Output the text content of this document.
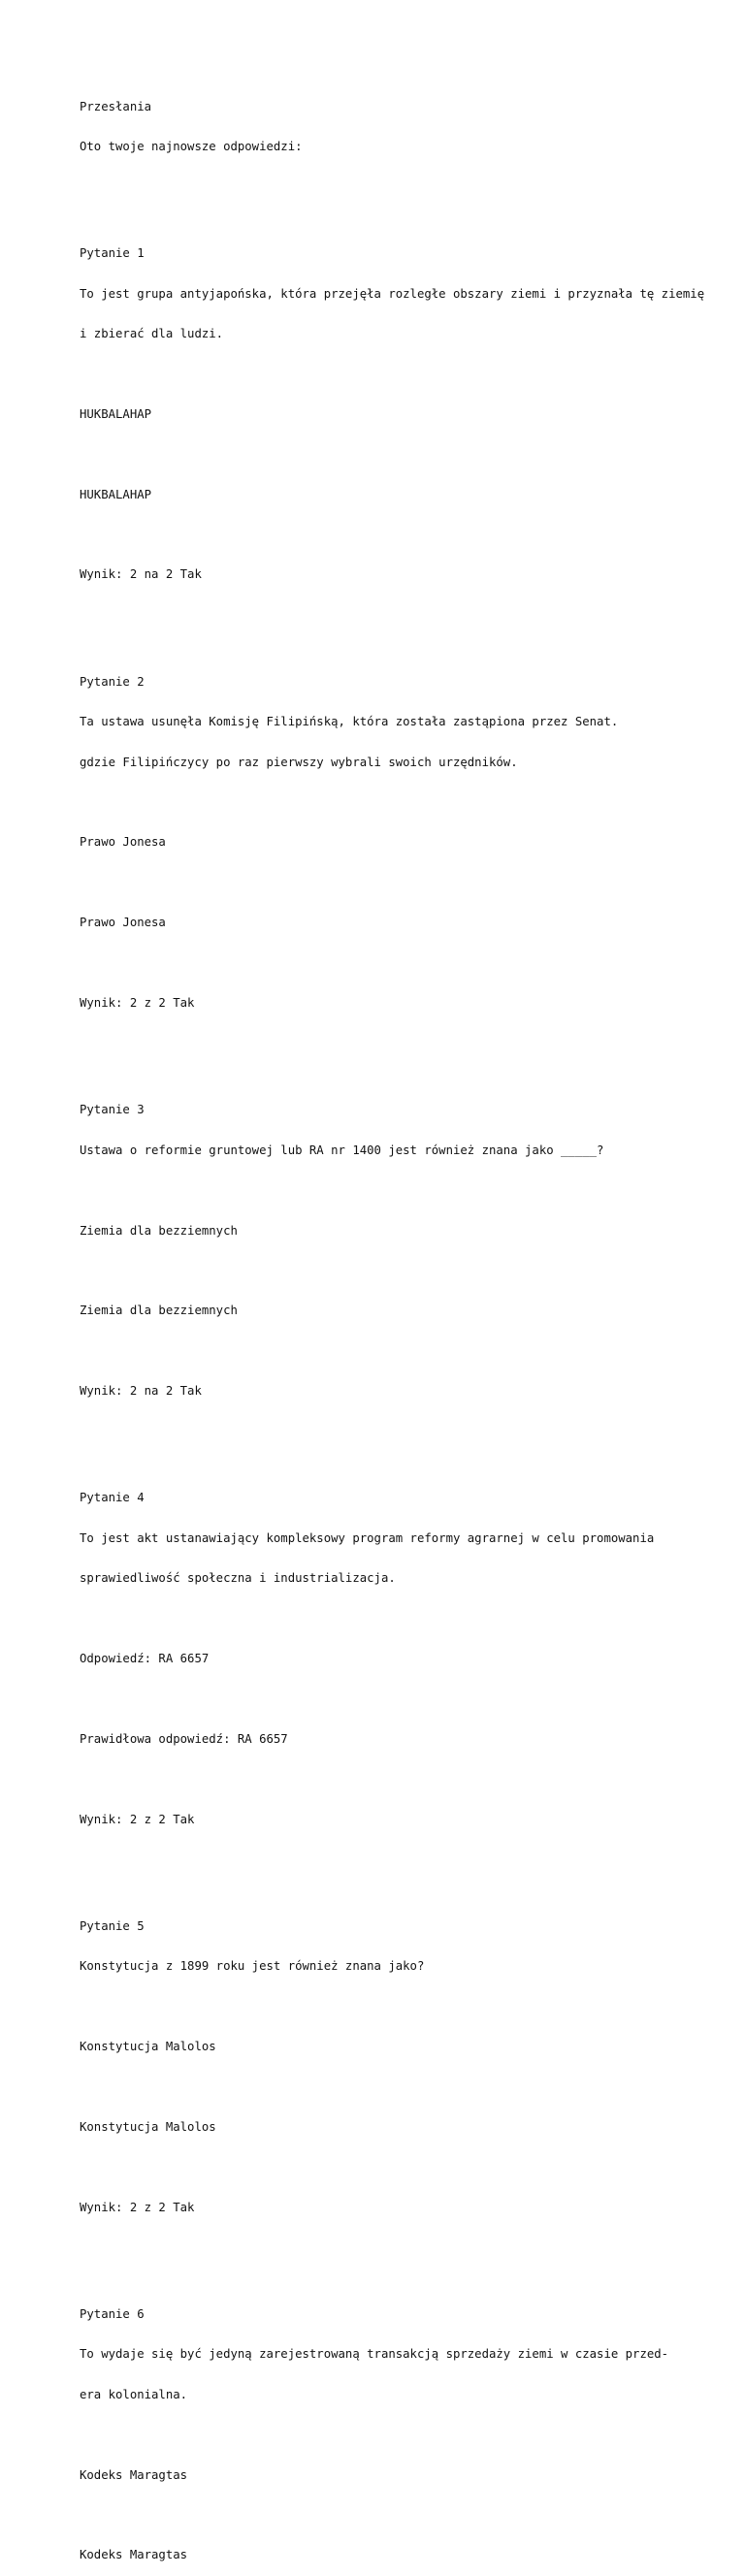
Przesłania

Oto twoje najnowsze odpowiedzi:

Pytanie 1

To jest grupa antyjapońska, która przejęła rozległe obszary ziemi i przyznała tę ziemię

i zbierać dla ludzi.

HUKBALAHAP

HUKBALAHAP

Wynik: 2 na 2 Tak

Pytanie 2

Ta ustawa usunęła Komisję Filipińską, która została zastąpiona przez Senat.

gdzie Filipińczycy po raz pierwszy wybrali swoich urzędników.

Prawo Jonesa

Prawo Jonesa

Wynik: 2 z 2 Tak

Pytanie 3

Ustawa o reformie gruntowej lub RA nr 1400 jest również znana jako _____?

Ziemia dla bezziemnych

Ziemia dla bezziemnych

Wynik: 2 na 2 Tak

Pytanie 4

To jest akt ustanawiający kompleksowy program reformy agrarnej w celu promowania

sprawiedliwość społeczna i industrializacja.

Odpowiedź: RA 6657

Prawidłowa odpowiedź: RA 6657

Wynik: 2 z 2 Tak

Pytanie 5

Konstytucja z 1899 roku jest również znana jako?

Konstytucja Malolos

Konstytucja Malolos

Wynik: 2 z 2 Tak

Pytanie 6

To wydaje się być jedyną zarejestrowaną transakcją sprzedaży ziemi w czasie przed-

era kolonialna.

Kodeks Maragtas

Kodeks Maragtas
